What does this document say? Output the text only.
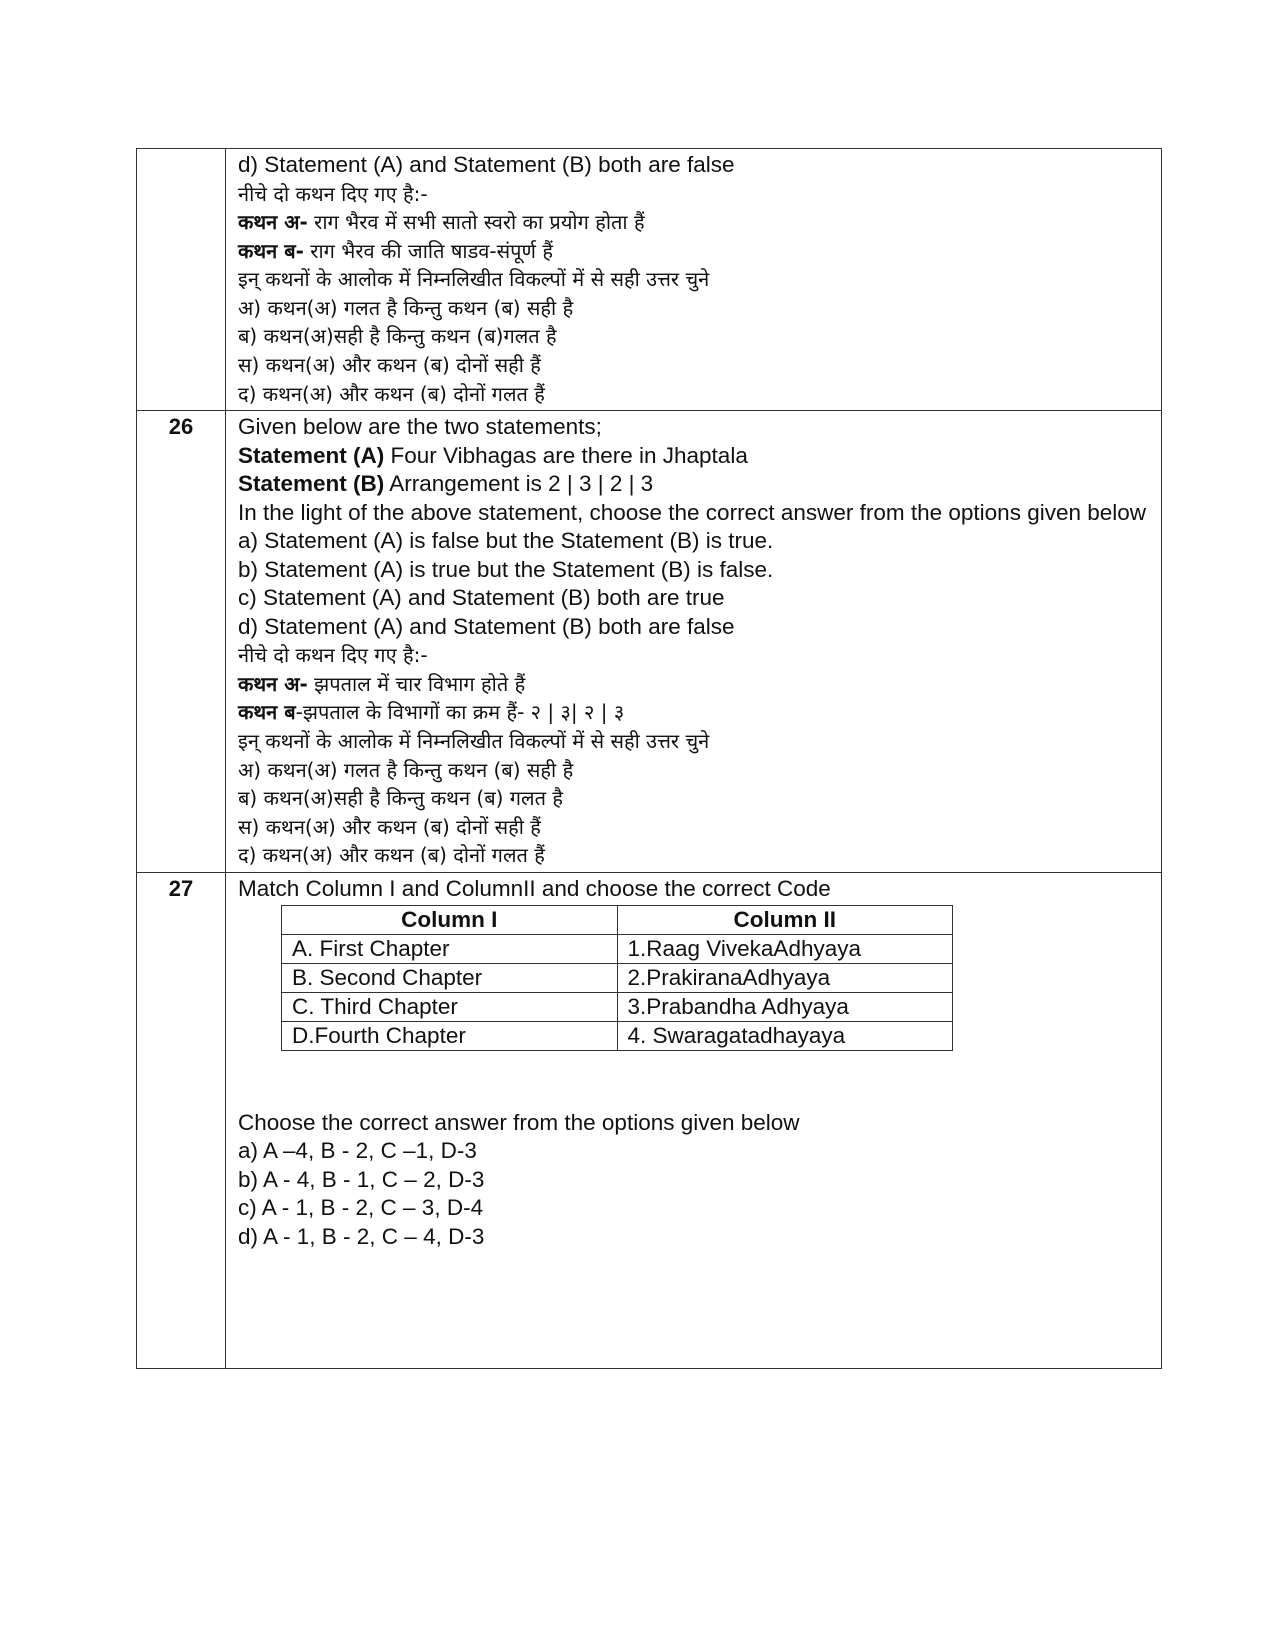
d) Statement (A) and Statement (B) both are false
नीचे दो कथन दिए गए है:-
कथन अ- राग भैरव में सभी सातो स्वरो का प्रयोग होता हैं
कथन ब- राग भैरव की जाति षाडव-संपूर्ण हैं
इन् कथनों के आलोक में निम्नलिखीत विकल्पों में से सही उत्तर चुने
अ) कथन(अ) गलत है किन्तु कथन (ब) सही है
ब) कथन(अ)सही है किन्तु कथन (ब)गलत है
स) कथन(अ) और कथन (ब) दोनों सही हैं
द) कथन(अ) और कथन (ब) दोनों गलत हैं

26	Given below are the two statements;
Statement (A) Four Vibhagas are there in Jhaptala
Statement (B) Arrangement is 2 | 3 | 2 | 3
In the light of the above statement, choose the correct answer from the options given below
a) Statement (A) is false but the Statement (B) is true.
b) Statement (A) is true but the Statement (B) is false.
c) Statement (A) and Statement (B) both are true
d) Statement (A) and Statement (B) both are false
नीचे दो कथन दिए गए है:-
कथन अ- झपताल में चार विभाग होते हैं
कथन ब-झपताल के विभागों का क्रम हैं- २ | ३| २ | ३
इन् कथनों के आलोक में निम्नलिखीत विकल्पों में से सही उत्तर चुने
अ) कथन(अ) गलत है किन्तु कथन (ब) सही है
ब) कथन(अ)सही है किन्तु कथन (ब) गलत है
स) कथन(अ) और कथन (ब) दोनों सही हैं
द) कथन(अ) और कथन (ब) दोनों गलत हैं

27	Match Column I and ColumnII and choose the correct Code
Column I	Column II
A. First Chapter	1.Raag VivekaAdhyaya
B. Second Chapter	2.PrakiranaAdhyaya
C. Third Chapter	3.Prabandha Adhyaya
D.Fourth Chapter	4. Swaragatadhayaya
Choose the correct answer from the options given below
a) A –4, B - 2, C –1, D-3
b) A - 4, B - 1, C – 2, D-3
c) A - 1, B - 2, C – 3, D-4
d) A - 1, B - 2, C – 4, D-3
